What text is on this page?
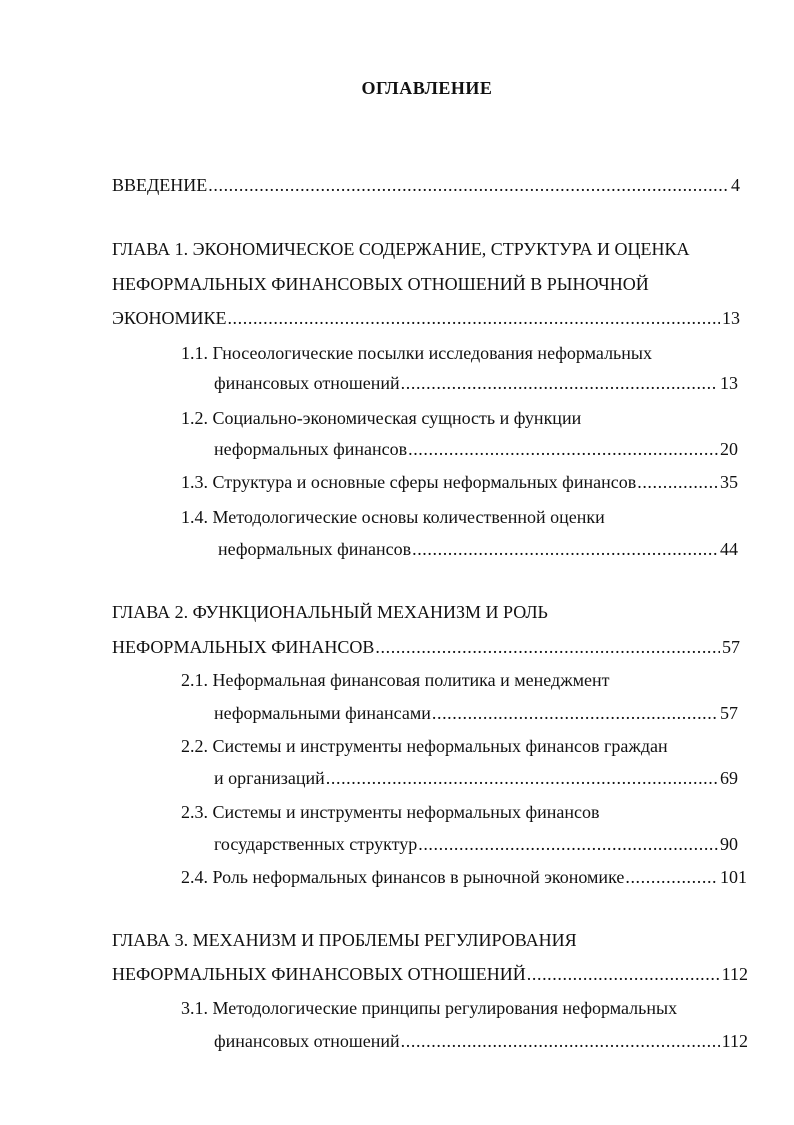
ОГЛАВЛЕНИЕ
ВВЕДЕНИЕ .....	4
ГЛАВА 1. ЭКОНОМИЧЕСКОЕ СОДЕРЖАНИЕ, СТРУКТУРА И ОЦЕНКА
НЕФОРМАЛЬНЫХ ФИНАНСОВЫХ ОТНОШЕНИЙ В РЫНОЧНОЙ
ЭКОНОМИКЕ .....	13
1.1. Гносеологические посылки исследования неформальных
финансовых отношений .....	13
1.2. Социально-экономическая сущность и функции
неформальных финансов .....	20
1.3. Структура и основные сферы неформальных финансов .....	35
1.4. Методологические основы количественной оценки
неформальных финансов .....	44
ГЛАВА 2. ФУНКЦИОНАЛЬНЫЙ МЕХАНИЗМ И РОЛЬ
НЕФОРМАЛЬНЫХ ФИНАНСОВ .....	57
2.1. Неформальная финансовая политика и менеджмент
неформальными финансами .....	57
2.2. Системы и инструменты неформальных финансов граждан
и организаций .....	69
2.3. Системы и инструменты неформальных финансов
государственных структур .....	90
2.4. Роль неформальных финансов в рыночной экономике .....	101
ГЛАВА 3. МЕХАНИЗМ И ПРОБЛЕМЫ РЕГУЛИРОВАНИЯ
НЕФОРМАЛЬНЫХ ФИНАНСОВЫХ ОТНОШЕНИЙ .....	112
3.1. Методологические принципы регулирования неформальных
финансовых отношений .....	112
